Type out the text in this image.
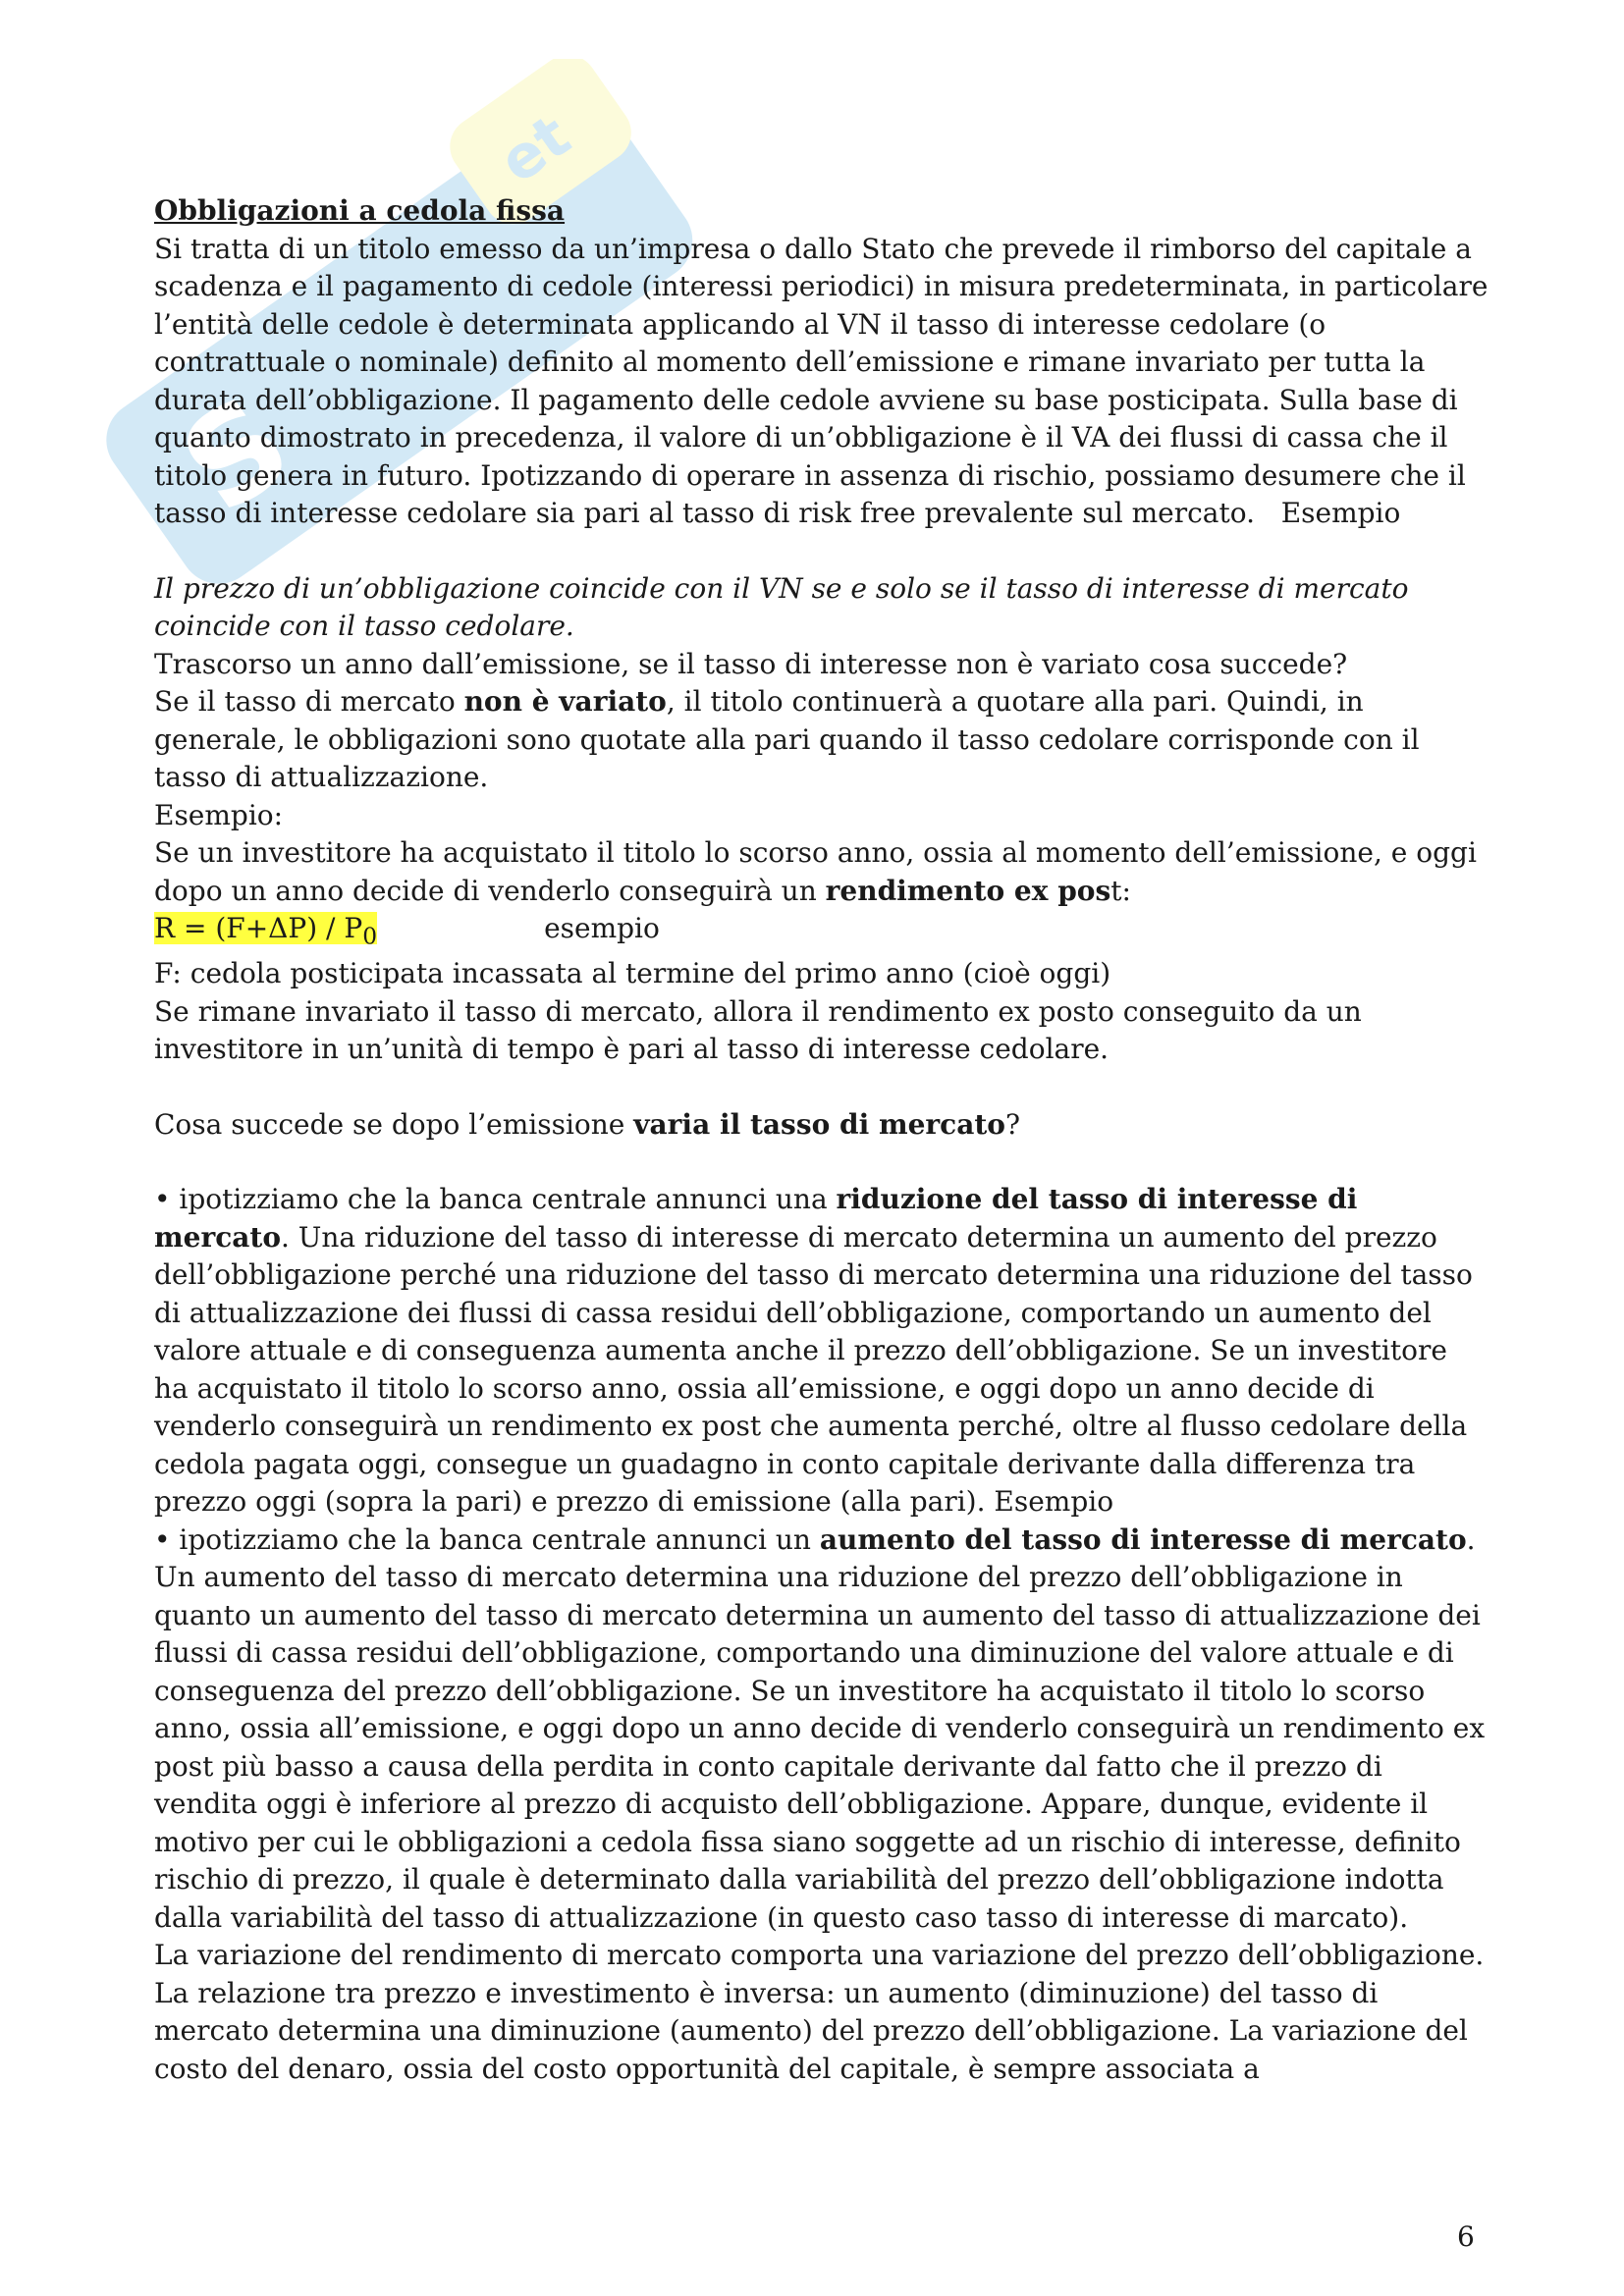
S
et

Obbligazioni a cedola fissa

Si tratta di un titolo emesso da un’impresa o dallo Stato che prevede il rimborso del capitale a scadenza e il pagamento di cedole (interessi periodici) in misura predeterminata, in particolare l’entità delle cedole è determinata applicando al VN il tasso di interesse cedolare (o contrattuale o nominale) definito al momento dell’emissione e rimane invariato per tutta la durata dell’obbligazione. Il pagamento delle cedole avviene su base posticipata. Sulla base di quanto dimostrato in precedenza, il valore di un’obbligazione è il VA dei flussi di cassa che il titolo genera in futuro. Ipotizzando di operare in assenza di rischio, possiamo desumere che il tasso di interesse cedolare sia pari al tasso di risk free prevalente sul mercato. Esempio

Il prezzo di un’obbligazione coincide con il VN se e solo se il tasso di interesse di mercato coincide con il tasso cedolare.

Trascorso un anno dall’emissione, se il tasso di interesse non è variato cosa succede?

Se il tasso di mercato non è variato, il titolo continuerà a quotare alla pari. Quindi, in generale, le obbligazioni sono quotate alla pari quando il tasso cedolare corrisponde con il tasso di attualizzazione.

Esempio:

Se un investitore ha acquistato il titolo lo scorso anno, ossia al momento dell’emissione, e oggi dopo un anno decide di venderlo conseguirà un rendimento ex post:

$R = (F+\Delta P) / P_0$	esempio

F: cedola posticipata incassata al termine del primo anno (cioè oggi)

Se rimane invariato il tasso di mercato, allora il rendimento ex posto conseguito da un investitore in un’unità di tempo è pari al tasso di interesse cedolare.

Cosa succede se dopo l’emissione varia il tasso di mercato?

• ipotizziamo che la banca centrale annunci una riduzione del tasso di interesse di mercato. Una riduzione del tasso di interesse di mercato determina un aumento del prezzo dell’obbligazione perché una riduzione del tasso di mercato determina una riduzione del tasso di attualizzazione dei flussi di cassa residui dell’obbligazione, comportando un aumento del valore attuale e di conseguenza aumenta anche il prezzo dell’obbligazione. Se un investitore ha acquistato il titolo lo scorso anno, ossia all’emissione, e oggi dopo un anno decide di venderlo conseguirà un rendimento ex post che aumenta perché, oltre al flusso cedolare della cedola pagata oggi, consegue un guadagno in conto capitale derivante dalla differenza tra prezzo oggi (sopra la pari) e prezzo di emissione (alla pari). Esempio

• ipotizziamo che la banca centrale annunci un aumento del tasso di interesse di mercato. Un aumento del tasso di mercato determina una riduzione del prezzo dell’obbligazione in quanto un aumento del tasso di mercato determina un aumento del tasso di attualizzazione dei flussi di cassa residui dell’obbligazione, comportando una diminuzione del valore attuale e di conseguenza del prezzo dell’obbligazione. Se un investitore ha acquistato il titolo lo scorso anno, ossia all’emissione, e oggi dopo un anno decide di venderlo conseguirà un rendimento ex post più basso a causa della perdita in conto capitale derivante dal fatto che il prezzo di vendita oggi è inferiore al prezzo di acquisto dell’obbligazione. Appare, dunque, evidente il motivo per cui le obbligazioni a cedola fissa siano soggette ad un rischio di interesse, definito rischio di prezzo, il quale è determinato dalla variabilità del prezzo dell’obbligazione indotta dalla variabilità del tasso di attualizzazione (in questo caso tasso di interesse di marcato).

La variazione del rendimento di mercato comporta una variazione del prezzo dell’obbligazione. La relazione tra prezzo e investimento è inversa: un aumento (diminuzione) del tasso di mercato determina una diminuzione (aumento) del prezzo dell’obbligazione. La variazione del costo del denaro, ossia del costo opportunità del capitale, è sempre associata a

6
